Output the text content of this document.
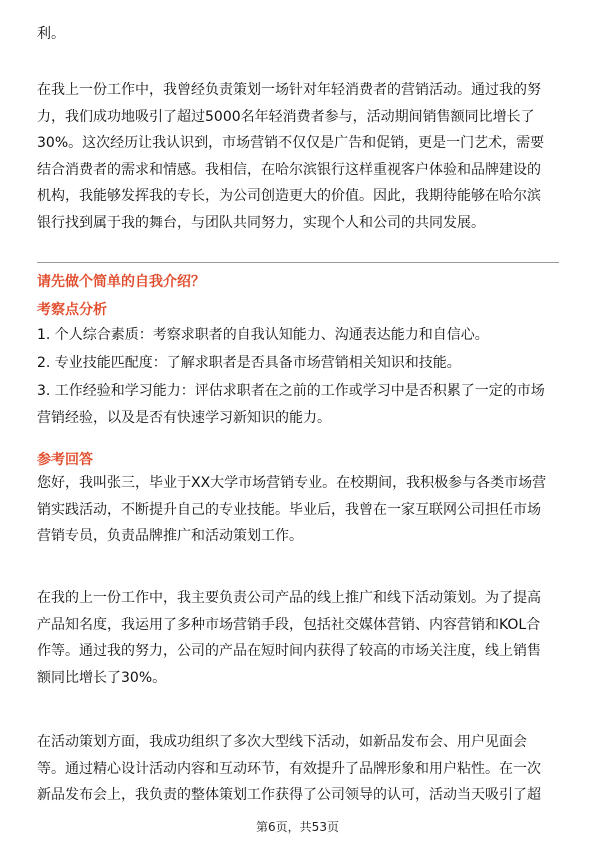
利。

在我上一份工作中，我曾经负责策划一场针对年轻消费者的营销活动。通过我的努
力，我们成功地吸引了超过5000名年轻消费者参与，活动期间销售额同比增长了
30%。这次经历让我认识到，市场营销不仅仅是广告和促销，更是一门艺术，需要
结合消费者的需求和情感。我相信，在哈尔滨银行这样重视客户体验和品牌建设的
机构，我能够发挥我的专长，为公司创造更大的价值。因此，我期待能够在哈尔滨
银行找到属于我的舞台，与团队共同努力，实现个人和公司的共同发展。

请先做个简单的自我介绍？
考察点分析

1. 个人综合素质：考察求职者的自我认知能力、沟通表达能力和自信心。

2. 专业技能匹配度：了解求职者是否具备市场营销相关知识和技能。

3. 工作经验和学习能力：评估求职者在之前的工作或学习中是否积累了一定的市场
营销经验，以及是否有快速学习新知识的能力。

参考回答

您好，我叫张三，毕业于XX大学市场营销专业。在校期间，我积极参与各类市场营
销实践活动，不断提升自己的专业技能。毕业后，我曾在一家互联网公司担任市场
营销专员，负责品牌推广和活动策划工作。

在我的上一份工作中，我主要负责公司产品的线上推广和线下活动策划。为了提高
产品知名度，我运用了多种市场营销手段，包括社交媒体营销、内容营销和KOL合
作等。通过我的努力，公司的产品在短时间内获得了较高的市场关注度，线上销售
额同比增长了30%。

在活动策划方面，我成功组织了多次大型线下活动，如新品发布会、用户见面会
等。通过精心设计活动内容和互动环节，有效提升了品牌形象和用户粘性。在一次
新品发布会上，我负责的整体策划工作获得了公司领导的认可，活动当天吸引了超

第6页，共53页
